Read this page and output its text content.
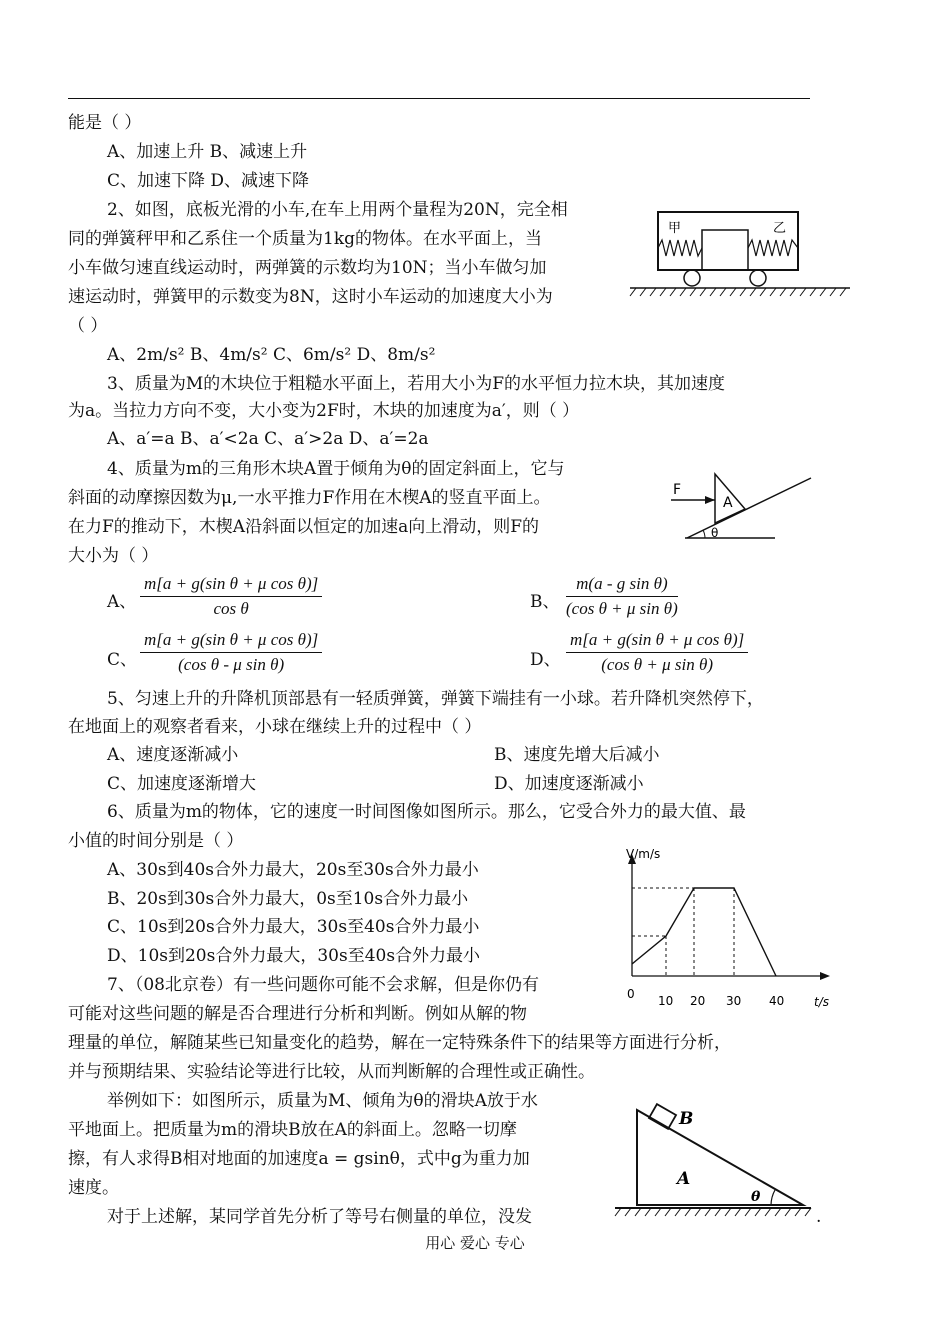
能是（ ）
A、加速上升 B、减速上升
C、加速下降 D、减速下降
2、如图，底板光滑的小车,在车上用两个量程为20N，完全相
同的弹簧秤甲和乙系住一个质量为1kg的物体。在水平面上，当
小车做匀速直线运动时，两弹簧的示数均为10N；当小车做匀加
速运动时，弹簧甲的示数变为8N，这时小车运动的加速度大小为
（ ）
A、2m/s² B、4m/s² C、6m/s² D、8m/s²
甲	乙
3、质量为M的木块位于粗糙水平面上，若用大小为F的水平恒力拉木块，其加速度
为a。当拉力方向不变，大小变为2F时，木块的加速度为a′，则（ ）
A、a′=a B、a′<2a C、a′>2a D、a′=2a
4、质量为m的三角形木块A置于倾角为θ的固定斜面上，它与
斜面的动摩擦因数为μ,一水平推力F作用在木楔A的竖直平面上。
在力F的推动下，木楔A沿斜面以恒定的加速a向上滑动，则F的
大小为（ ）
F
A
θ
A、 $\frac{\text{m[a + g(sin θ + μ cos θ)]}}{\text{cos θ}}$	B、 $\frac{\text{m(a - g sin θ)}}{\text{(cos θ + μ sin θ)}}$
C、 $\frac{\text{m[a + g(sin θ + μ cos θ)]}}{\text{(cos θ - μ sin θ)}}$	D、 $\frac{\text{m[a + g(sin θ + μ cos θ)]}}{\text{(cos θ + μ sin θ)}}$
5、匀速上升的升降机顶部悬有一轻质弹簧，弹簧下端挂有一小球。若升降机突然停下，
在地面上的观察者看来，小球在继续上升的过程中（ ）
A、速度逐渐减小	B、速度先增大后减小
C、加速度逐渐增大	D、加速度逐渐减小
6、质量为m的物体，它的速度一时间图像如图所示。那么，它受合外力的最大值、最
小值的时间分别是（ ）
A、30s到40s合外力最大，20s至30s合外力最小
B、20s到30s合外力最大，0s至10s合外力最小
C、10s到20s合外力最大，30s至40s合外力最小
D、10s到20s合外力最大，30s至40s合外力最小
V/m/s
t/s
0 10 20 30 40
7、（08北京卷）有一些问题你可能不会求解，但是你仍有
可能对这些问题的解是否合理进行分析和判断。例如从解的物
理量的单位，解随某些已知量变化的趋势，解在一定特殊条件下的结果等方面进行分析，
并与预期结果、实验结论等进行比较，从而判断解的合理性或正确性。
举例如下：如图所示，质量为M、倾角为θ的滑块A放于水
平地面上。把质量为m的滑块B放在A的斜面上。忽略一切摩
擦，有人求得B相对地面的加速度a = gsinθ，式中g为重力加
速度。
对于上述解，某同学首先分析了等号右侧量的单位，没发
B
A
θ
.
用心 爱心 专心
